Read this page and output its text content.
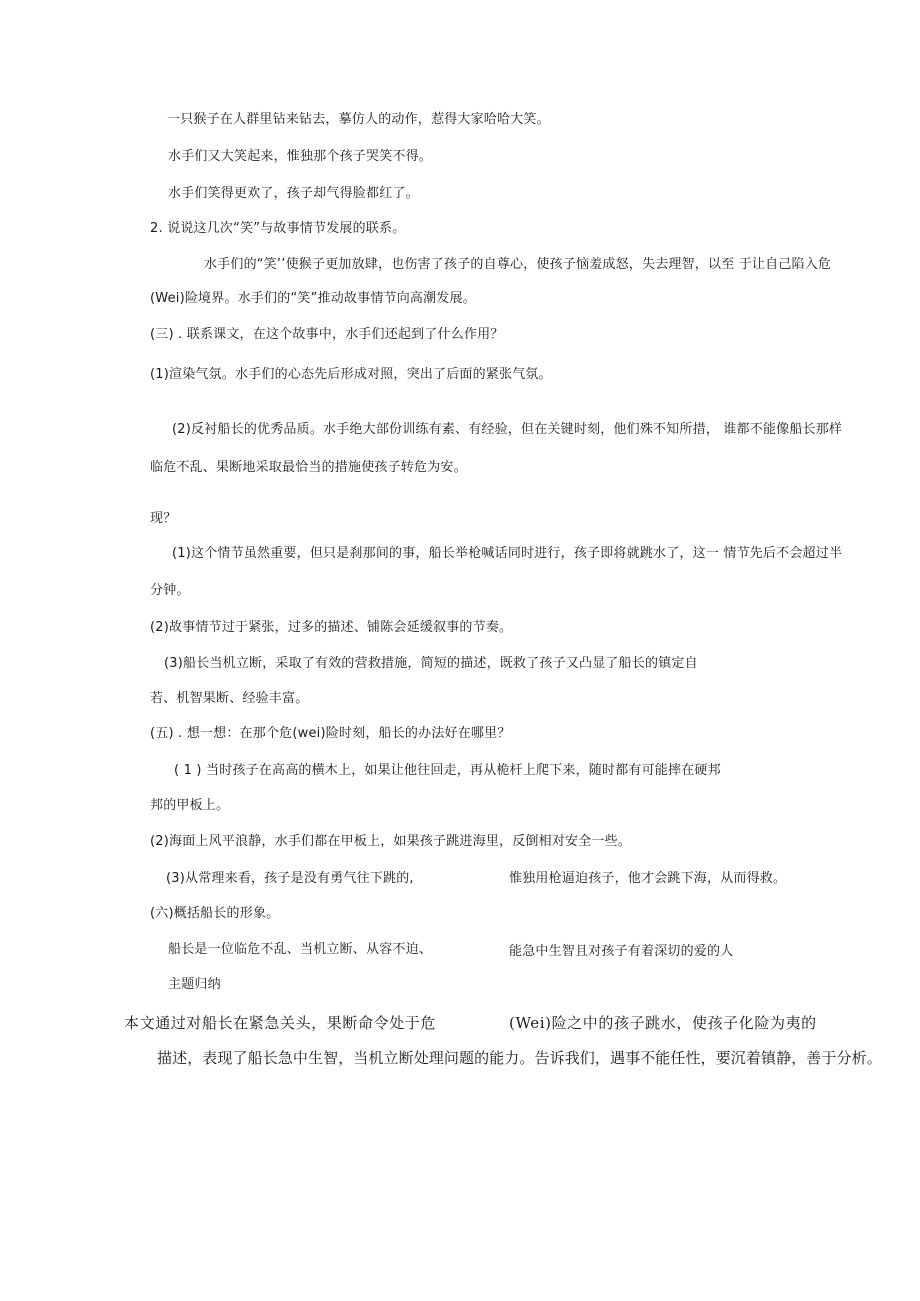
一只猴子在人群里钻来钻去，摹仿人的动作，惹得大家哈哈大笑。
水手们又大笑起来，惟独那个孩子哭笑不得。
水手们笑得更欢了，孩子却气得脸都红了。
2. 说说这几次“笑”与故事情节发展的联系。
水手们的“笑’’使猴子更加放肆，也伤害了孩子的自尊心，使孩子恼羞成怒，失去理智，以至 于让自己陷入危
(Wei)险境界。水手们的“笑”推动故事情节向高潮发展。
(三) . 联系课文，在这个故事中，水手们还起到了什么作用？
(1)渲染气氛。水手们的心态先后形成对照，突出了后面的紧张气氛。
(2)反衬船长的优秀品质。水手绝大部份训练有素、有经验，但在关键时刻，他们殊不知所措， 谁都不能像船长那样
临危不乱、果断地采取最恰当的措施使孩子转危为安。
现？
(1)这个情节虽然重要，但只是刹那间的事，船长举枪喊话同时进行，孩子即将就跳水了，这一 情节先后不会超过半
分钟。
(2)故事情节过于紧张，过多的描述、铺陈会延缓叙事的节奏。
(3)船长当机立断，采取了有效的营救措施，简短的描述，既救了孩子又凸显了船长的镇定自
若、机智果断、经验丰富。
(五) . 想一想：在那个危(wei)险时刻，船长的办法好在哪里？
( 1 ) 当时孩子在高高的横木上，如果让他往回走，再从桅杆上爬下来，随时都有可能摔在硬邦
邦的甲板上。
(2)海面上风平浪静，水手们都在甲板上，如果孩子跳进海里，反倒相对安全一些。
(3)从常理来看，孩子是没有勇气往下跳的,	惟独用枪逼迫孩子，他才会跳下海，从而得救。
(六)概括船长的形象。
船长是一位临危不乱、当机立断、从容不迫、	能急中生智且对孩子有着深切的爱的人
主题归纳
本文通过对船长在紧急关头，果断命令处于危	(Wei)险之中的孩子跳水，使孩子化险为夷的
描述，表现了船长急中生智，当机立断处理问题的能力。告诉我们，遇事不能任性，要沉着镇静，善于分析。
